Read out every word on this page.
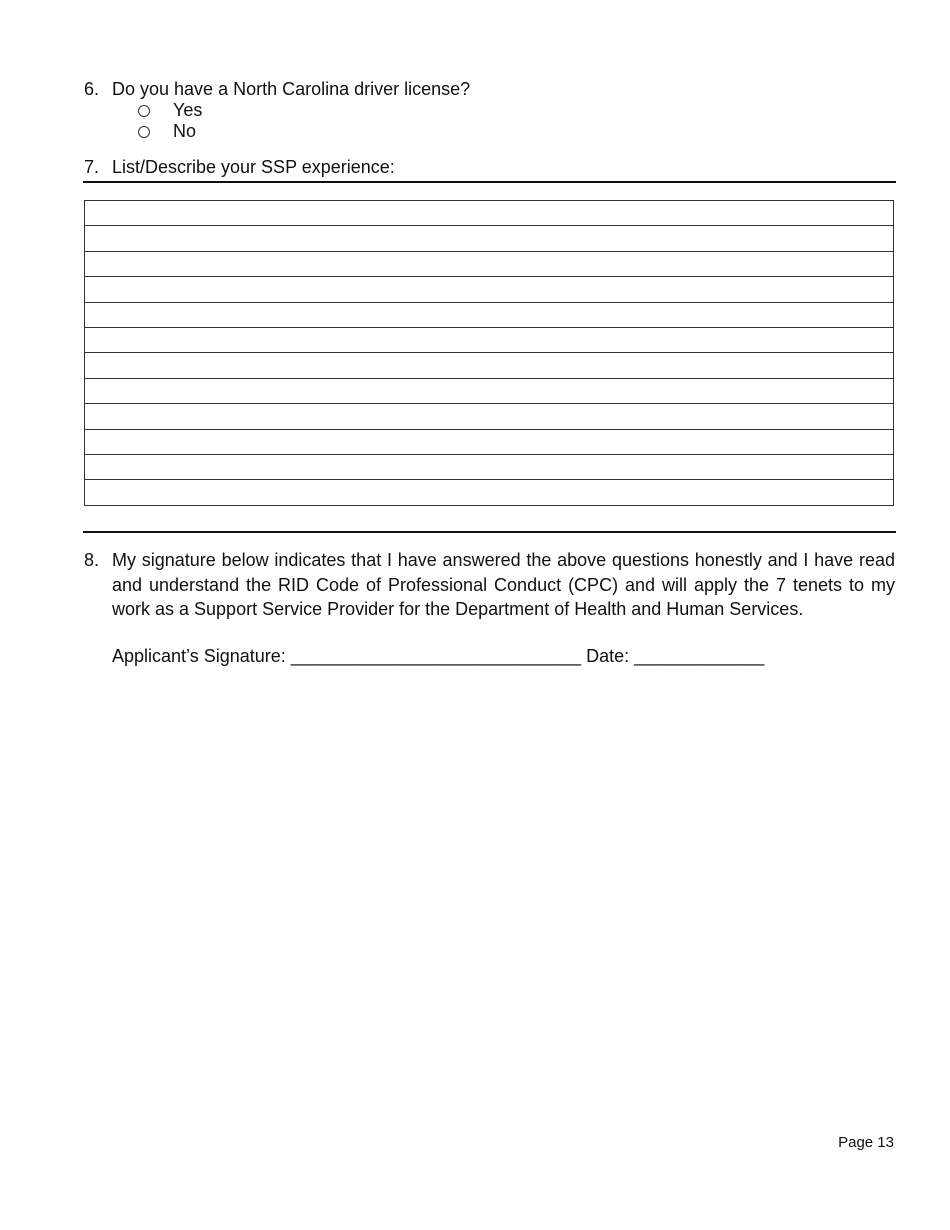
6. Do you have a North Carolina driver license?
Yes
No
7. List/Describe your SSP experience:
8. My signature below indicates that I have answered the above questions honestly and I have read and understand the RID Code of Professional Conduct (CPC) and will apply the 7 tenets to my work as a Support Service Provider for the Department of Health and Human Services.
Applicant’s Signature: _____________________________ Date: _____________
Page 13
